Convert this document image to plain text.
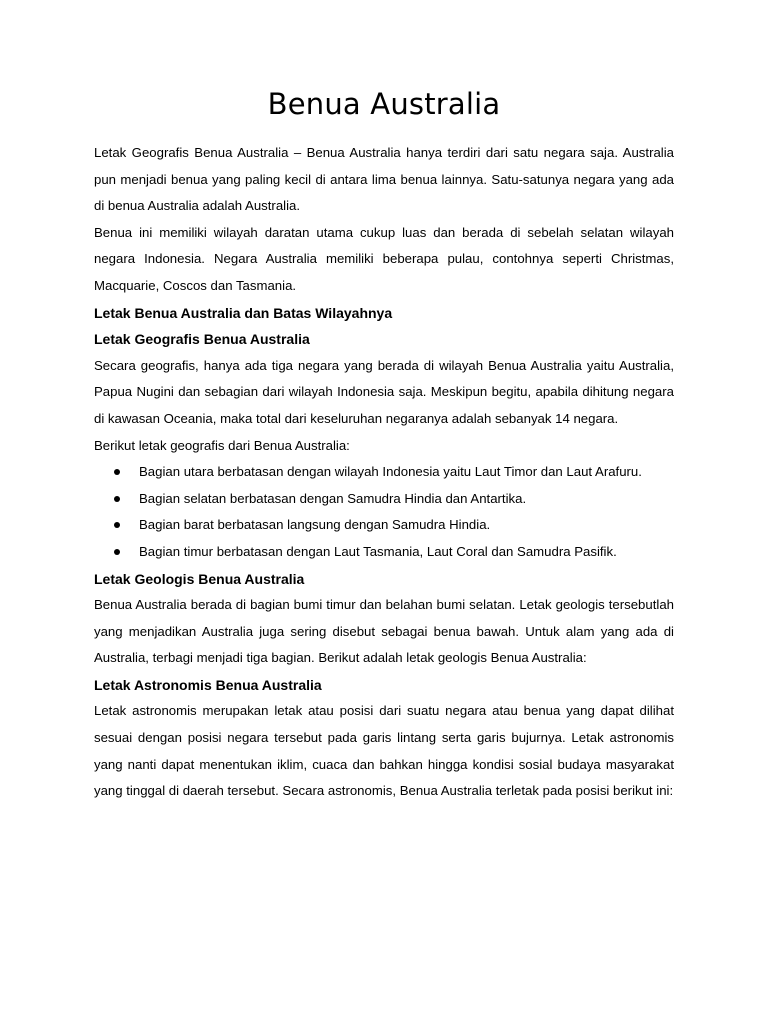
Benua Australia

Letak Geografis Benua Australia – Benua Australia hanya terdiri dari satu negara saja. Australia pun menjadi benua yang paling kecil di antara lima benua lainnya. Satu-satunya negara yang ada di benua Australia adalah Australia.

Benua ini memiliki wilayah daratan utama cukup luas dan berada di sebelah selatan wilayah negara Indonesia. Negara Australia memiliki beberapa pulau, contohnya seperti Christmas, Macquarie, Coscos dan Tasmania.

Letak Benua Australia dan Batas Wilayahnya
Letak Geografis Benua Australia

Secara geografis, hanya ada tiga negara yang berada di wilayah Benua Australia yaitu Australia, Papua Nugini dan sebagian dari wilayah Indonesia saja. Meskipun begitu, apabila dihitung negara di kawasan Oceania, maka total dari keseluruhan negaranya adalah sebanyak 14 negara.

Berikut letak geografis dari Benua Australia:

Bagian utara berbatasan dengan wilayah Indonesia yaitu Laut Timor dan Laut Arafuru.
Bagian selatan berbatasan dengan Samudra Hindia dan Antartika.
Bagian barat berbatasan langsung dengan Samudra Hindia.
Bagian timur berbatasan dengan Laut Tasmania, Laut Coral dan Samudra Pasifik.
Letak Geologis Benua Australia

Benua Australia berada di bagian bumi timur dan belahan bumi selatan. Letak geologis tersebutlah yang menjadikan Australia juga sering disebut sebagai benua bawah. Untuk alam yang ada di Australia, terbagi menjadi tiga bagian. Berikut adalah letak geologis Benua Australia:

Letak Astronomis Benua Australia

Letak astronomis merupakan letak atau posisi dari suatu negara atau benua yang dapat dilihat sesuai dengan posisi negara tersebut pada garis lintang serta garis bujurnya. Letak astronomis yang nanti dapat menentukan iklim, cuaca dan bahkan hingga kondisi sosial budaya masyarakat yang tinggal di daerah tersebut. Secara astronomis, Benua Australia terletak pada posisi berikut ini:
